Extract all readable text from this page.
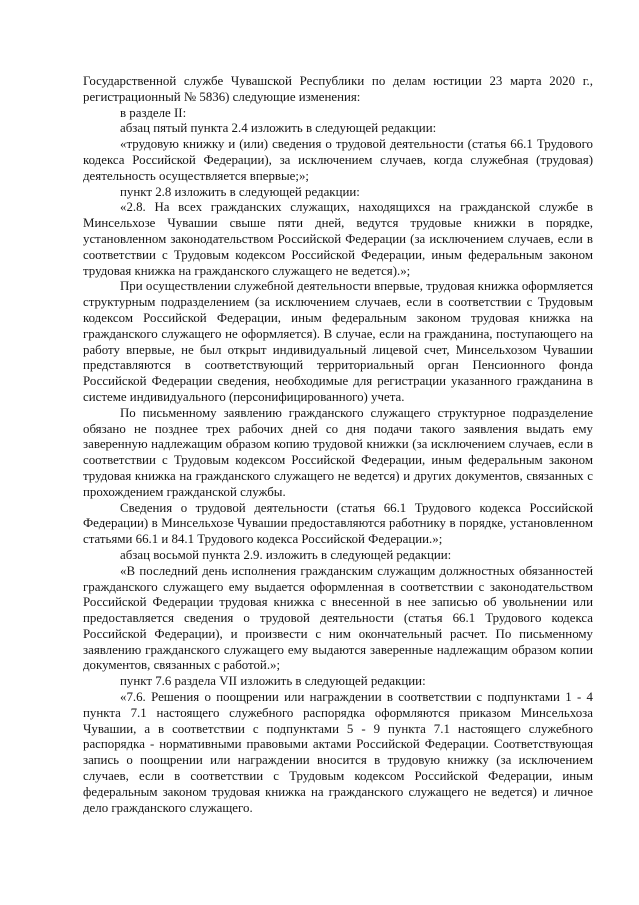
Государственной службе Чувашской Республики по делам юстиции 23 марта 2020 г., регистрационный № 5836) следующие изменения:

в разделе II:

абзац пятый пункта 2.4 изложить в следующей редакции:

«трудовую книжку и (или) сведения о трудовой деятельности (статья 66.1 Трудового кодекса Российской Федерации), за исключением случаев, когда служебная (трудовая) деятельность осуществляется впервые;»;

пункт 2.8 изложить в следующей редакции:

«2.8. На всех гражданских служащих, находящихся на гражданской службе в Минсельхозе Чувашии свыше пяти дней, ведутся трудовые книжки в порядке, установленном законодательством Российской Федерации (за исключением случаев, если в соответствии с Трудовым кодексом Российской Федерации, иным федеральным законом трудовая книжка на гражданского служащего не ведется).»;

При осуществлении служебной деятельности впервые, трудовая книжка оформляется структурным подразделением (за исключением случаев, если в соответствии с Трудовым кодексом Российской Федерации, иным федеральным законом трудовая книжка на гражданского служащего не оформляется). В случае, если на гражданина, поступающего на работу впервые, не был открыт индивидуальный лицевой счет, Минсельхозом Чувашии представляются в соответствующий территориальный орган Пенсионного фонда Российской Федерации сведения, необходимые для регистрации указанного гражданина в системе индивидуального (персонифицированного) учета.

По письменному заявлению гражданского служащего структурное подразделение обязано не позднее трех рабочих дней со дня подачи такого заявления выдать ему заверенную надлежащим образом копию трудовой книжки (за исключением случаев, если в соответствии с Трудовым кодексом Российской Федерации, иным федеральным законом трудовая книжка на гражданского служащего не ведется) и других документов, связанных с прохождением гражданской службы.

Сведения о трудовой деятельности (статья 66.1 Трудового кодекса Российской Федерации) в Минсельхозе Чувашии предоставляются работнику в порядке, установленном статьями 66.1 и 84.1 Трудового кодекса Российской Федерации.»;

абзац восьмой пункта 2.9. изложить в следующей редакции:

«В последний день исполнения гражданским служащим должностных обязанностей гражданского служащего ему выдается оформленная в соответствии с законодательством Российской Федерации трудовая книжка с внесенной в нее записью об увольнении или предоставляется сведения о трудовой деятельности (статья 66.1 Трудового кодекса Российской Федерации), и произвести с ним окончательный расчет. По письменному заявлению гражданского служащего ему выдаются заверенные надлежащим образом копии документов, связанных с работой.»;

пункт 7.6 раздела VII изложить в следующей редакции:

«7.6. Решения о поощрении или награждении в соответствии с подпунктами 1 - 4 пункта 7.1 настоящего служебного распорядка оформляются приказом Минсельхоза Чувашии, а в соответствии с подпунктами 5 - 9 пункта 7.1 настоящего служебного распорядка - нормативными правовыми актами Российской Федерации. Соответствующая запись о поощрении или награждении вносится в трудовую книжку (за исключением случаев, если в соответствии с Трудовым кодексом Российской Федерации, иным федеральным законом трудовая книжка на гражданского служащего не ведется) и личное дело гражданского служащего.
